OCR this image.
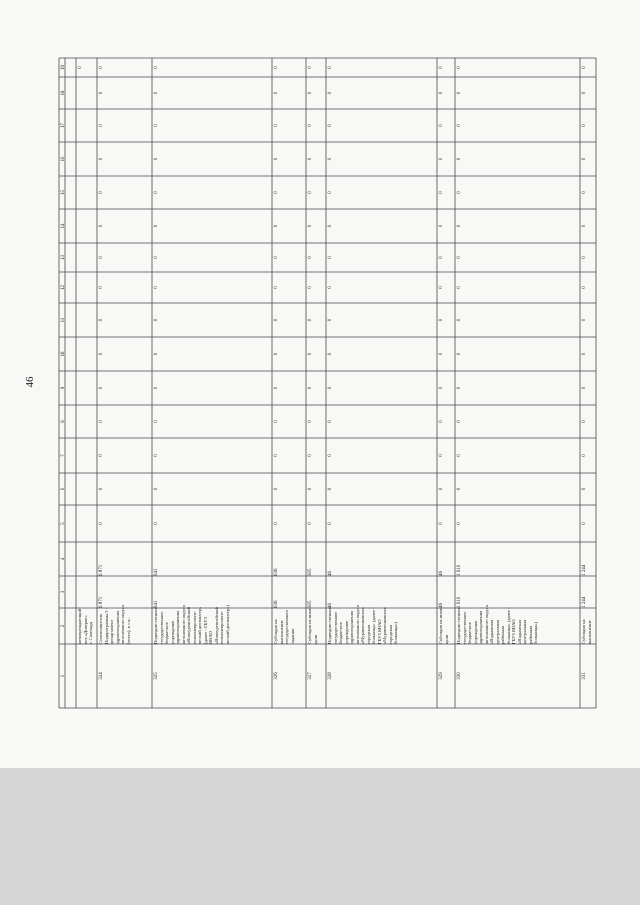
46
1
2
3
4
5
6
7
8
9
10
11
12
13
14
15
16
17
18
19
неповреждающий- ися «Доверие» г. Салехард
0
324
Соисполнитель Подпрограммы 5 - департамент здравоохранения автономного округа (всего), в т.ч.:
6 871
6 871
0
0
0
0
0
0
0
0
0
0
0
0
0
0
0
325
Подведомственное государственное бюджетное учреждение здравоохранения автономного округа «Новоуренгойский психоневрологи- ческий диспансер» (далее - ГБУЗ ЯНАО «Новоуренгойский психоневрологи- ческий диспансер»)
941
941
0
0
0
0
0
0
0
0
0
0
0
0
0
0
0
326
Субсидия на выполнение государственного задания
636
636
0
0
0
0
0
0
0
0
0
0
0
0
0
0
0
327
Субсидия на иные цели
305
305
0
0
0
0
0
0
0
0
0
0
0
0
0
0
0
328
Подведомственное государственное бюджетное учреждение здравоохранения автономного округа «Муравленковская городская больница» (далее - ГБУЗ ЯНАО «Муравленковская городская больница»)
46
46
0
0
0
0
0
0
0
0
0
0
0
0
0
0
0
329
Субсидия на иные цели
46
46
0
0
0
0
0
0
0
0
0
0
0
0
0
0
0
330
Подведомственное государственное бюджетное учреждение здравоохранения автономного округа «Надымская центральная районная больница» (далее - ГБУЗ ЯНАО «Надымская центральная районная больница»)
1 910
1 910
0
0
0
0
0
0
0
0
0
0
0
0
0
0
0
331
Субсидия на выполнение
1 244
1 244
0
0
0
0
0
0
0
0
0
0
0
0
0
0
0
